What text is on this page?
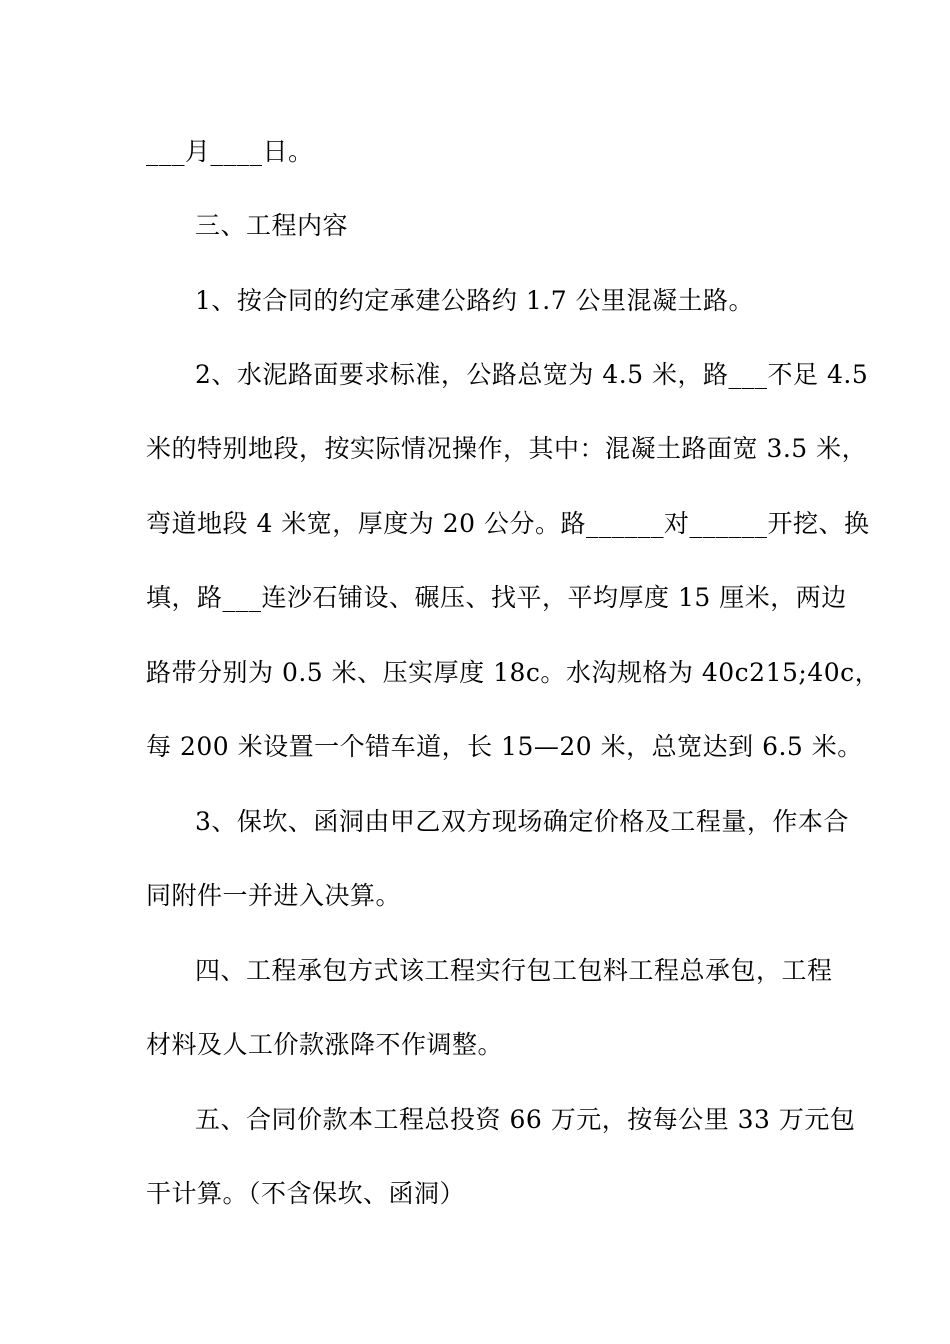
___月____日。
三、工程内容
1、按合同的约定承建公路约 1.7 公里混凝土路。
2、水泥路面要求标准，公路总宽为 4.5 米，路___不足 4.5
米的特别地段，按实际情况操作，其中：混凝土路面宽 3.5 米，
弯道地段 4 米宽，厚度为 20 公分。路______对______开挖、换
填，路___连沙石铺设、碾压、找平，平均厚度 15 厘米，两边
路带分别为 0.5 米、压实厚度 18c。水沟规格为 40c215;40c，
每 200 米设置一个错车道，长 15—20 米，总宽达到 6.5 米。
3、保坎、函洞由甲乙双方现场确定价格及工程量，作本合
同附件一并进入决算。
四、工程承包方式该工程实行包工包料工程总承包，工程
材料及人工价款涨降不作调整。
五、合同价款本工程总投资 66 万元，按每公里 33 万元包
干计算。（不含保坎、函洞）
